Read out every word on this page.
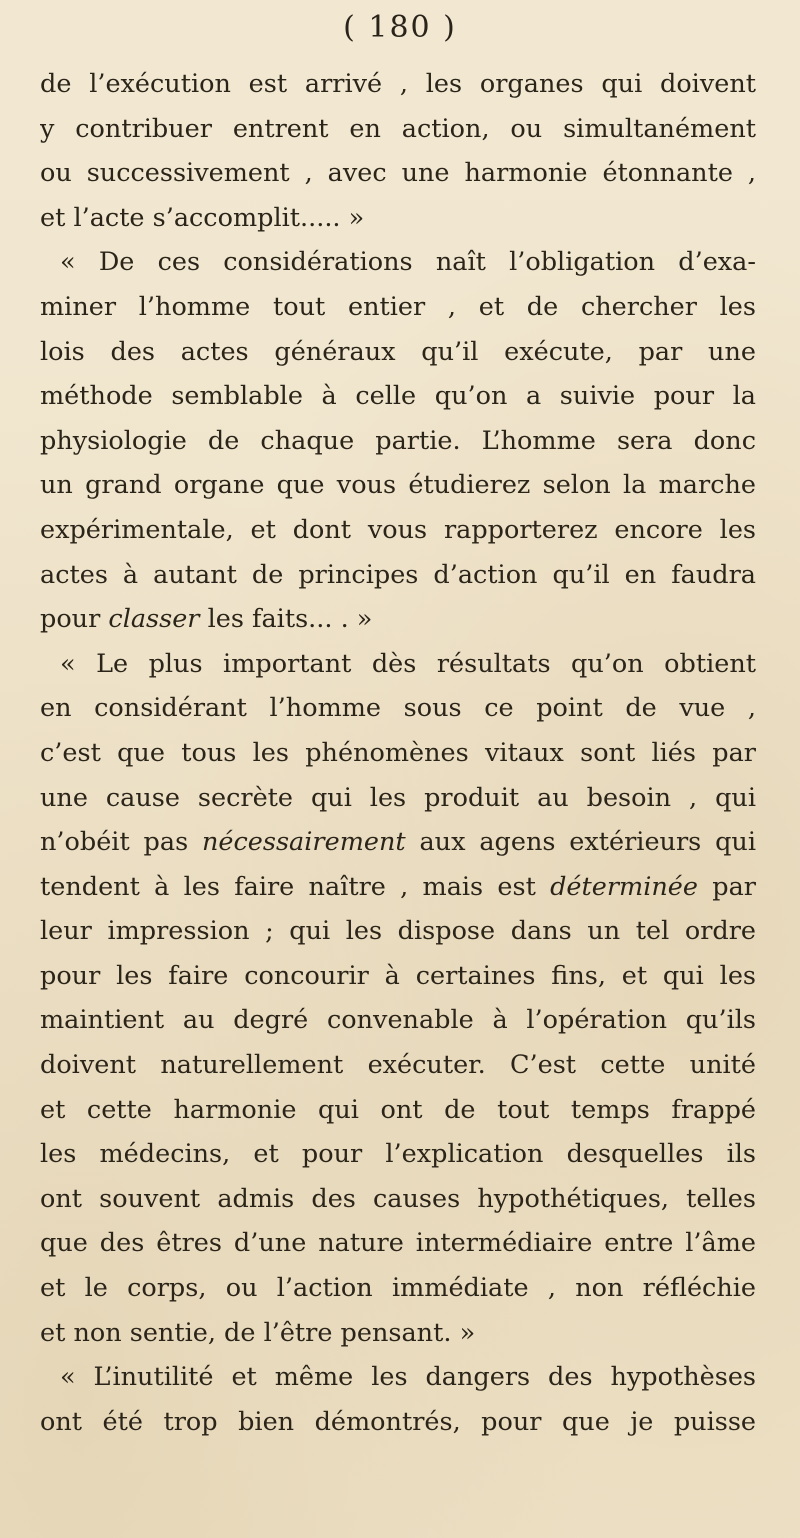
( 180 )
de l’exécution est arrivé , les organes qui doivent
y contribuer entrent en action, ou simultanément
ou successivement , avec une harmonie étonnante ,
et l’acte s’accomplit..... »
« De ces considérations naît l’obligation d’exa-
miner l’homme tout entier , et de chercher les
lois des actes généraux qu’il exécute, par une
méthode semblable à celle qu’on a suivie pour la
physiologie de chaque partie. L’homme sera donc
un grand organe que vous étudierez selon la marche
expérimentale, et dont vous rapporterez encore les
actes à autant de principes d’action qu’il en faudra
pour classer les faits... . »
« Le plus important dès résultats qu’on obtient
en considérant l’homme sous ce point de vue ,
c’est que tous les phénomènes vitaux sont liés par
une cause secrète qui les produit au besoin , qui
n’obéit pas nécessairement aux agens extérieurs qui
tendent à les faire naître , mais est déterminée par
leur impression ; qui les dispose dans un tel ordre
pour les faire concourir à certaines fins, et qui les
maintient au degré convenable à l’opération qu’ils
doivent naturellement exécuter. C’est cette unité
et cette harmonie qui ont de tout temps frappé
les médecins, et pour l’explication desquelles ils
ont souvent admis des causes hypothétiques, telles
que des êtres d’une nature intermédiaire entre l’âme
et le corps, ou l’action immédiate , non réfléchie
et non sentie, de l’être pensant. »
« L’inutilité et même les dangers des hypothèses
ont été trop bien démontrés, pour que je puisse
